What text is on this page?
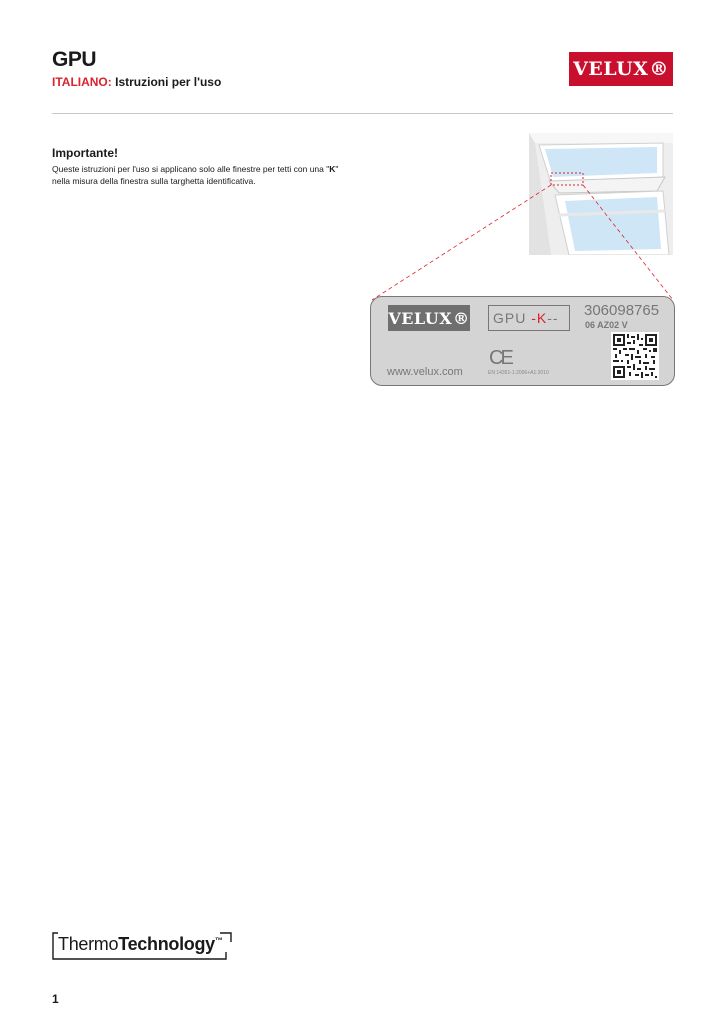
GPU
ITALIANO: Istruzioni per l'uso
VELUX ®
Importante!
Queste istruzioni per l'uso si applicano solo alle finestre per tetti con una "K" nella misura della finestra sulla targhetta identificativa.
VELUX ® GPU -K -- 306098765
06 AZ02 V
CE
EN 14351-1:2006+A1:2010
www.velux.com
ThermoTechnology™
1
